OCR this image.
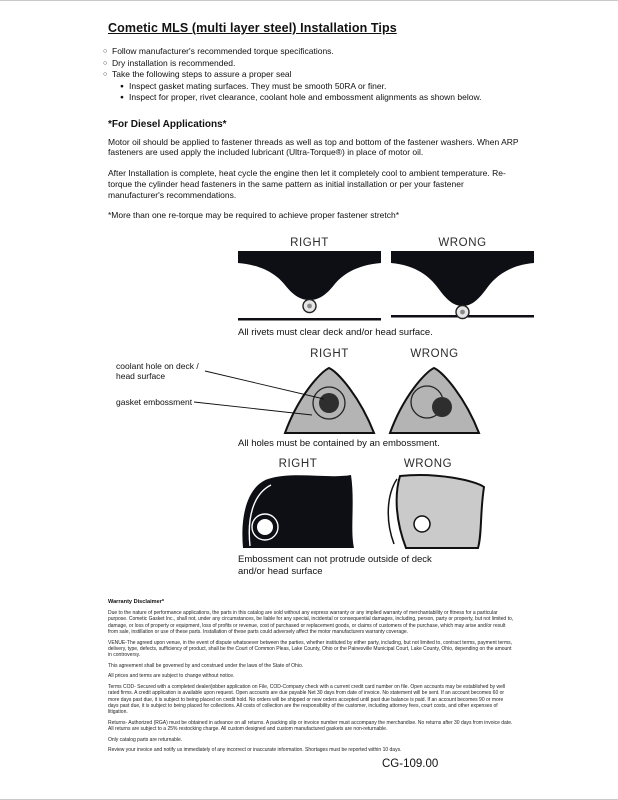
Cometic MLS (multi layer steel) Installation Tips
○ Follow manufacturer's recommended torque specifications.
○ Dry installation is recommended.
○ Take the following steps to assure a proper seal
● Inspect gasket mating surfaces. They must be smooth 50RA or finer.
● Inspect for proper, rivet clearance, coolant hole and embossment alignments as shown below.
*For Diesel Applications*

Motor oil should be applied to fastener threads as well as top and bottom of the fastener washers. When ARP fasteners are used apply the included lubricant (Ultra-Torque®) in place of motor oil.

After Installation is complete, heat cycle the engine then let it completely cool to ambient temperature. Re-torque the cylinder head fasteners in the same pattern as initial installation or per your fastener manufacturer's recommendations.

*More than one re-torque may be required to achieve proper fastener stretch*

RIGHT	WRONG
All rivets must clear deck and/or head surface.
coolant hole on deck / head surface
gasket embossment
RIGHT	WRONG
All holes must be contained by an embossment.
RIGHT	WRONG
Embossment can not protrude outside of deck and/or head surface
Warranty Disclaimer*

Due to the nature of performance applications, the parts in this catalog are sold without any express warranty or any implied warranty of merchantability or fitness for a particular purpose. Cometic Gasket Inc., shall not, under any circumstances, be liable for any special, incidental or consequential damages, including, person, party or property, but not limited to, damage, or loss of property or equipment, loss of profits or revenue, cost of purchased or replacement goods, or claims of customers of the purchase, which may arise and/or result from sale, instillation or use of these parts. Installation of these parts could adversely affect the motor manufacturers warranty coverage.

VENUE-The agreed upon venue, in the event of dispute whatsoever between the parties, whether instituted by either party, including, but not limited to, contract terms, payment terms, delivery, type, defects, sufficiency of product, shall be the Court of Common Pleas, Lake County, Ohio or the Painesville Municipal Court, Lake County, Ohio, depending on the amount in controversy.

This agreement shall be governed by and construed under the laws of the State of Ohio.

All prices and terms are subject to change without notice.

Terms COD- Secured with a completed dealer/jobber application on File, COD-Company check with a current credit card number on file. Open accounts may be established by well rated firms. A credit application is available upon request. Open accounts are due payable Net 30 days from date of invoice. No statement will be sent. If an account becomes 60 or more days past due, it is subject to being placed on credit hold. No orders will be shipped or new orders accepted until past due balance is paid. If an account becomes 90 or more days past due, it is subject to being placed for collections. All costs of collection are the responsibility of the customer, including attorney fees, court costs, and other expenses of litigation.

Returns- Authorized (RGA) must be obtained in advance on all returns. A packing slip or invoice number must accompany the merchandise. No returns after 30 days from invoice date. All returns are subject to a 25% restocking charge. All custom designed and custom manufactured gaskets are non-returnable.

Only catalog parts are returnable.

Review your invoice and notify us immediately of any incorrect or inaccurate information. Shortages must be reported within 10 days.

CG-109.00
